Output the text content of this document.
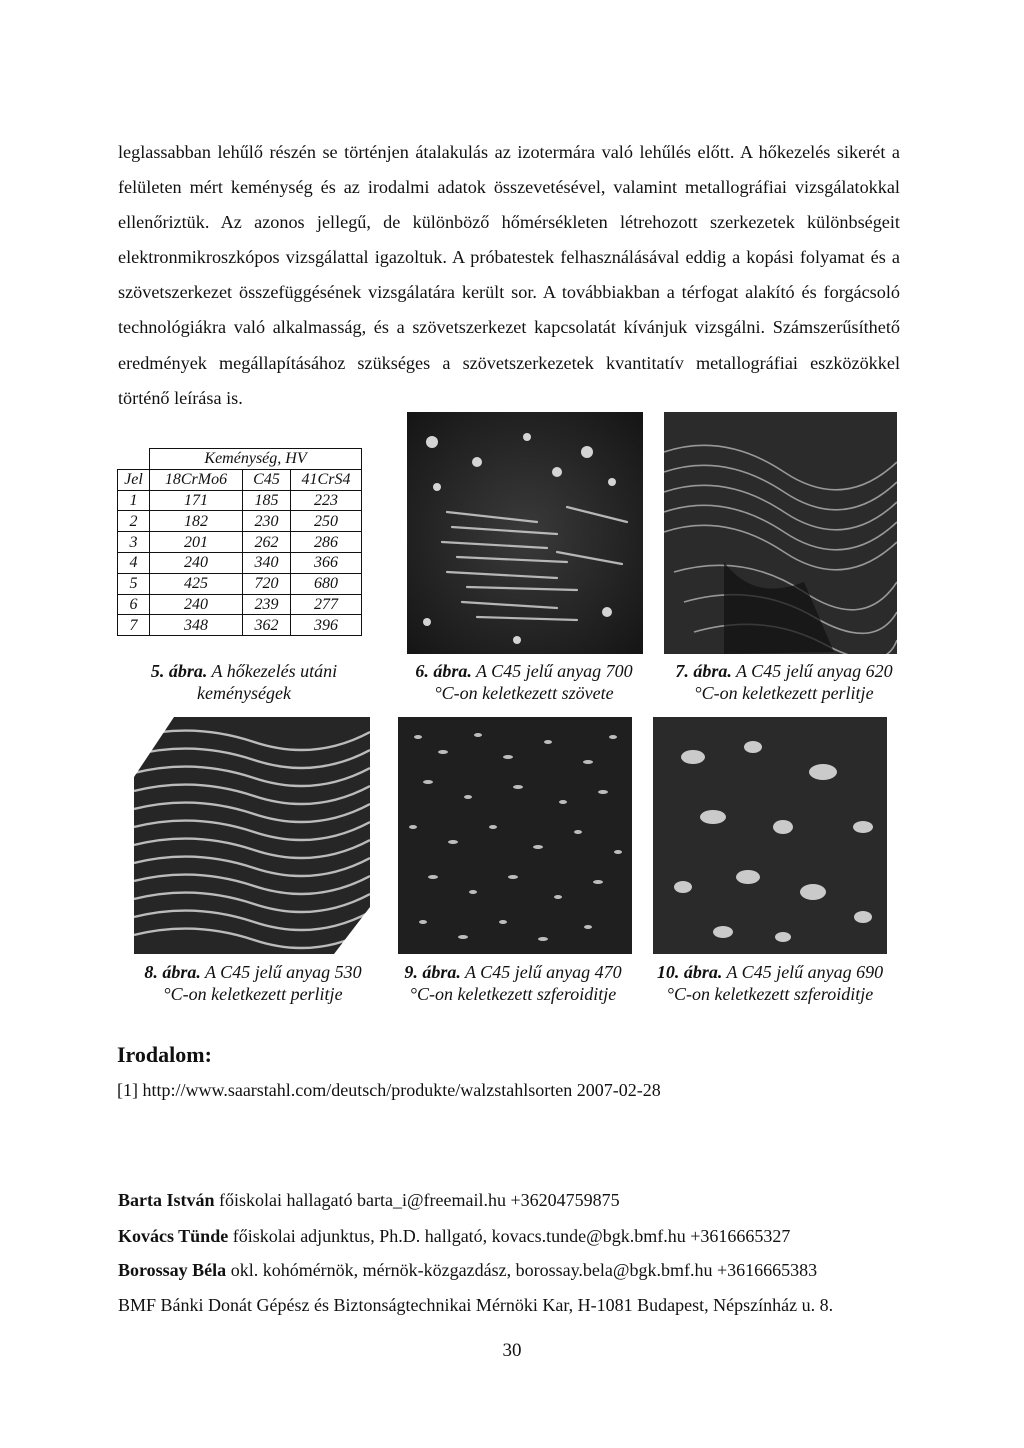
leglassabban lehűlő részén se történjen átalakulás az izotermára való lehűlés előtt. A hőkezelés sikerét a felületen mért keménység és az irodalmi adatok összevetésével, valamint metallográfiai vizsgálatokkal ellenőriztük. Az azonos jellegű, de különböző hőmérsékleten létrehozott szerkezetek különbségeit elektronmikroszkópos vizsgálattal igazoltuk. A próbatestek felhasználásával eddig a kopási folyamat és a szövetszerkezet összefüggésének vizsgálatára került sor. A továbbiakban a térfogat alakító és forgácsoló technológiákra való alkalmasság, és a szövetszerkezet kapcsolatát kívánjuk vizsgálni. Számszerűsíthető eredmények megállapításához szükséges a szövetszerkezetek kvantitatív metallográfiai eszközökkel történő leírása is.
	Keménység, HV		
Jel	18CrMo6	C45	41CrS4
1	171	185	223
2	182	230	250
3	201	262	286
4	240	340	366
5	425	720	680
6	240	239	277
7	348	362	396
5. ábra. A hőkezelés utáni
keménységek
6. ábra. A C45 jelű anyag 700
°C-on keletkezett szövete
7. ábra. A C45 jelű anyag 620
°C-on keletkezett perlitje
8. ábra. A C45 jelű anyag 530
°C-on keletkezett perlitje
9. ábra. A C45 jelű anyag 470
°C-on keletkezett szferoiditje
10. ábra. A C45 jelű anyag 690
°C-on keletkezett szferoiditje
Irodalom:
[1] http://www.saarstahl.com/deutsch/produkte/walzstahlsorten 2007-02-28
Barta István főiskolai hallagató barta_i@freemail.hu +36204759875
Kovács Tünde főiskolai adjunktus, Ph.D. hallgató, kovacs.tunde@bgk.bmf.hu +3616665327
Borossay Béla okl. kohómérnök, mérnök-közgazdász, borossay.bela@bgk.bmf.hu +3616665383
BMF Bánki Donát Gépész és Biztonságtechnikai Mérnöki Kar, H-1081 Budapest, Népszínház u. 8.
30
